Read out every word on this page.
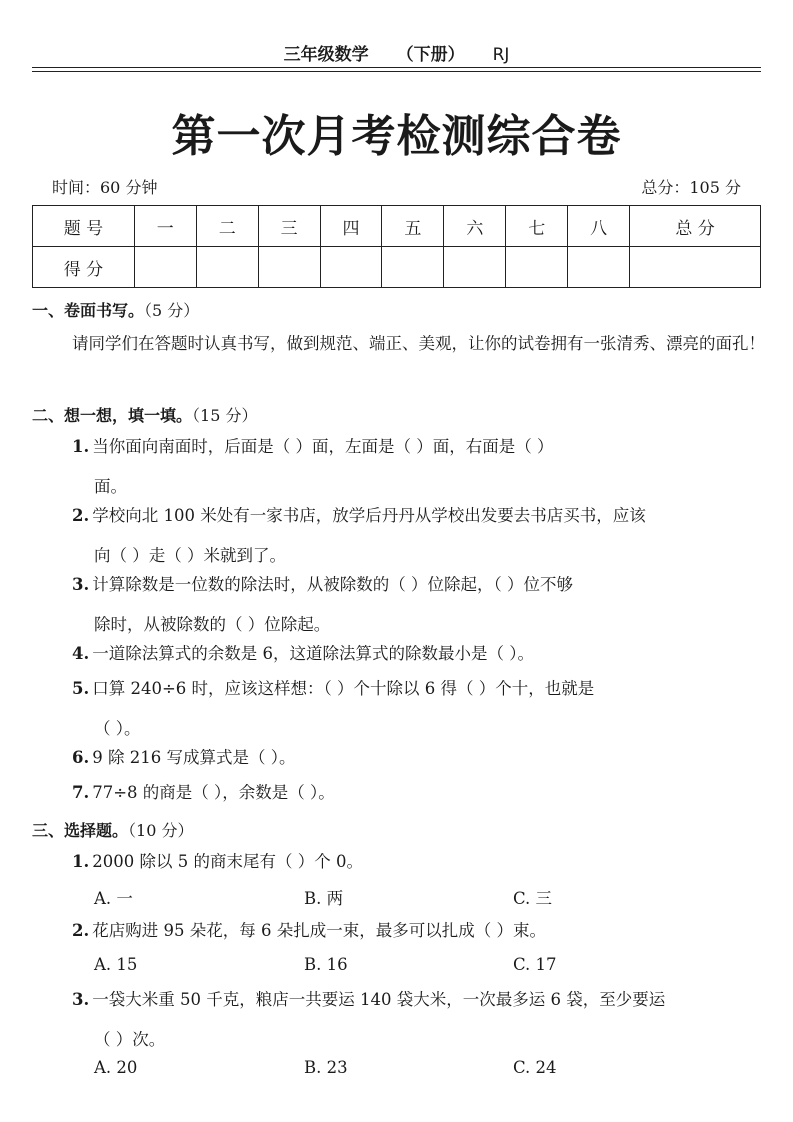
三年级数学 （下册） RJ
第一次月考检测综合卷
时间：60 分钟	总分：105 分
题 号	一	二	三	四	五	六	七	八	总 分
得 分									
一、卷面书写。（5 分）
请同学们在答题时认真书写，做到规范、端正、美观，让你的试卷拥有一张清秀、漂亮的面孔！
二、想一想，填一填。（15 分）
1. 当你面向南面时，后面是（ ）面，左面是（ ）面，右面是（ ）
面。
2. 学校向北 100 米处有一家书店，放学后丹丹从学校出发要去书店买书，应该
向（ ）走（ ）米就到了。
3. 计算除数是一位数的除法时，从被除数的（ ）位除起，（ ）位不够
除时，从被除数的（ ）位除起。
4. 一道除法算式的余数是 6，这道除法算式的除数最小是（ ）。
5. 口算 240÷6 时，应该这样想：（ ）个十除以 6 得（ ）个十，也就是
（ ）。
6. 9 除 216 写成算式是（ ）。
7. 77÷8 的商是（ ），余数是（ ）。
三、选择题。（10 分）
1. 2000 除以 5 的商末尾有（ ）个 0。
A. 一	B. 两	C. 三
2. 花店购进 95 朵花，每 6 朵扎成一束，最多可以扎成（ ）束。
A. 15	B. 16	C. 17
3. 一袋大米重 50 千克，粮店一共要运 140 袋大米，一次最多运 6 袋，至少要运
（ ）次。
A. 20	B. 23	C. 24
